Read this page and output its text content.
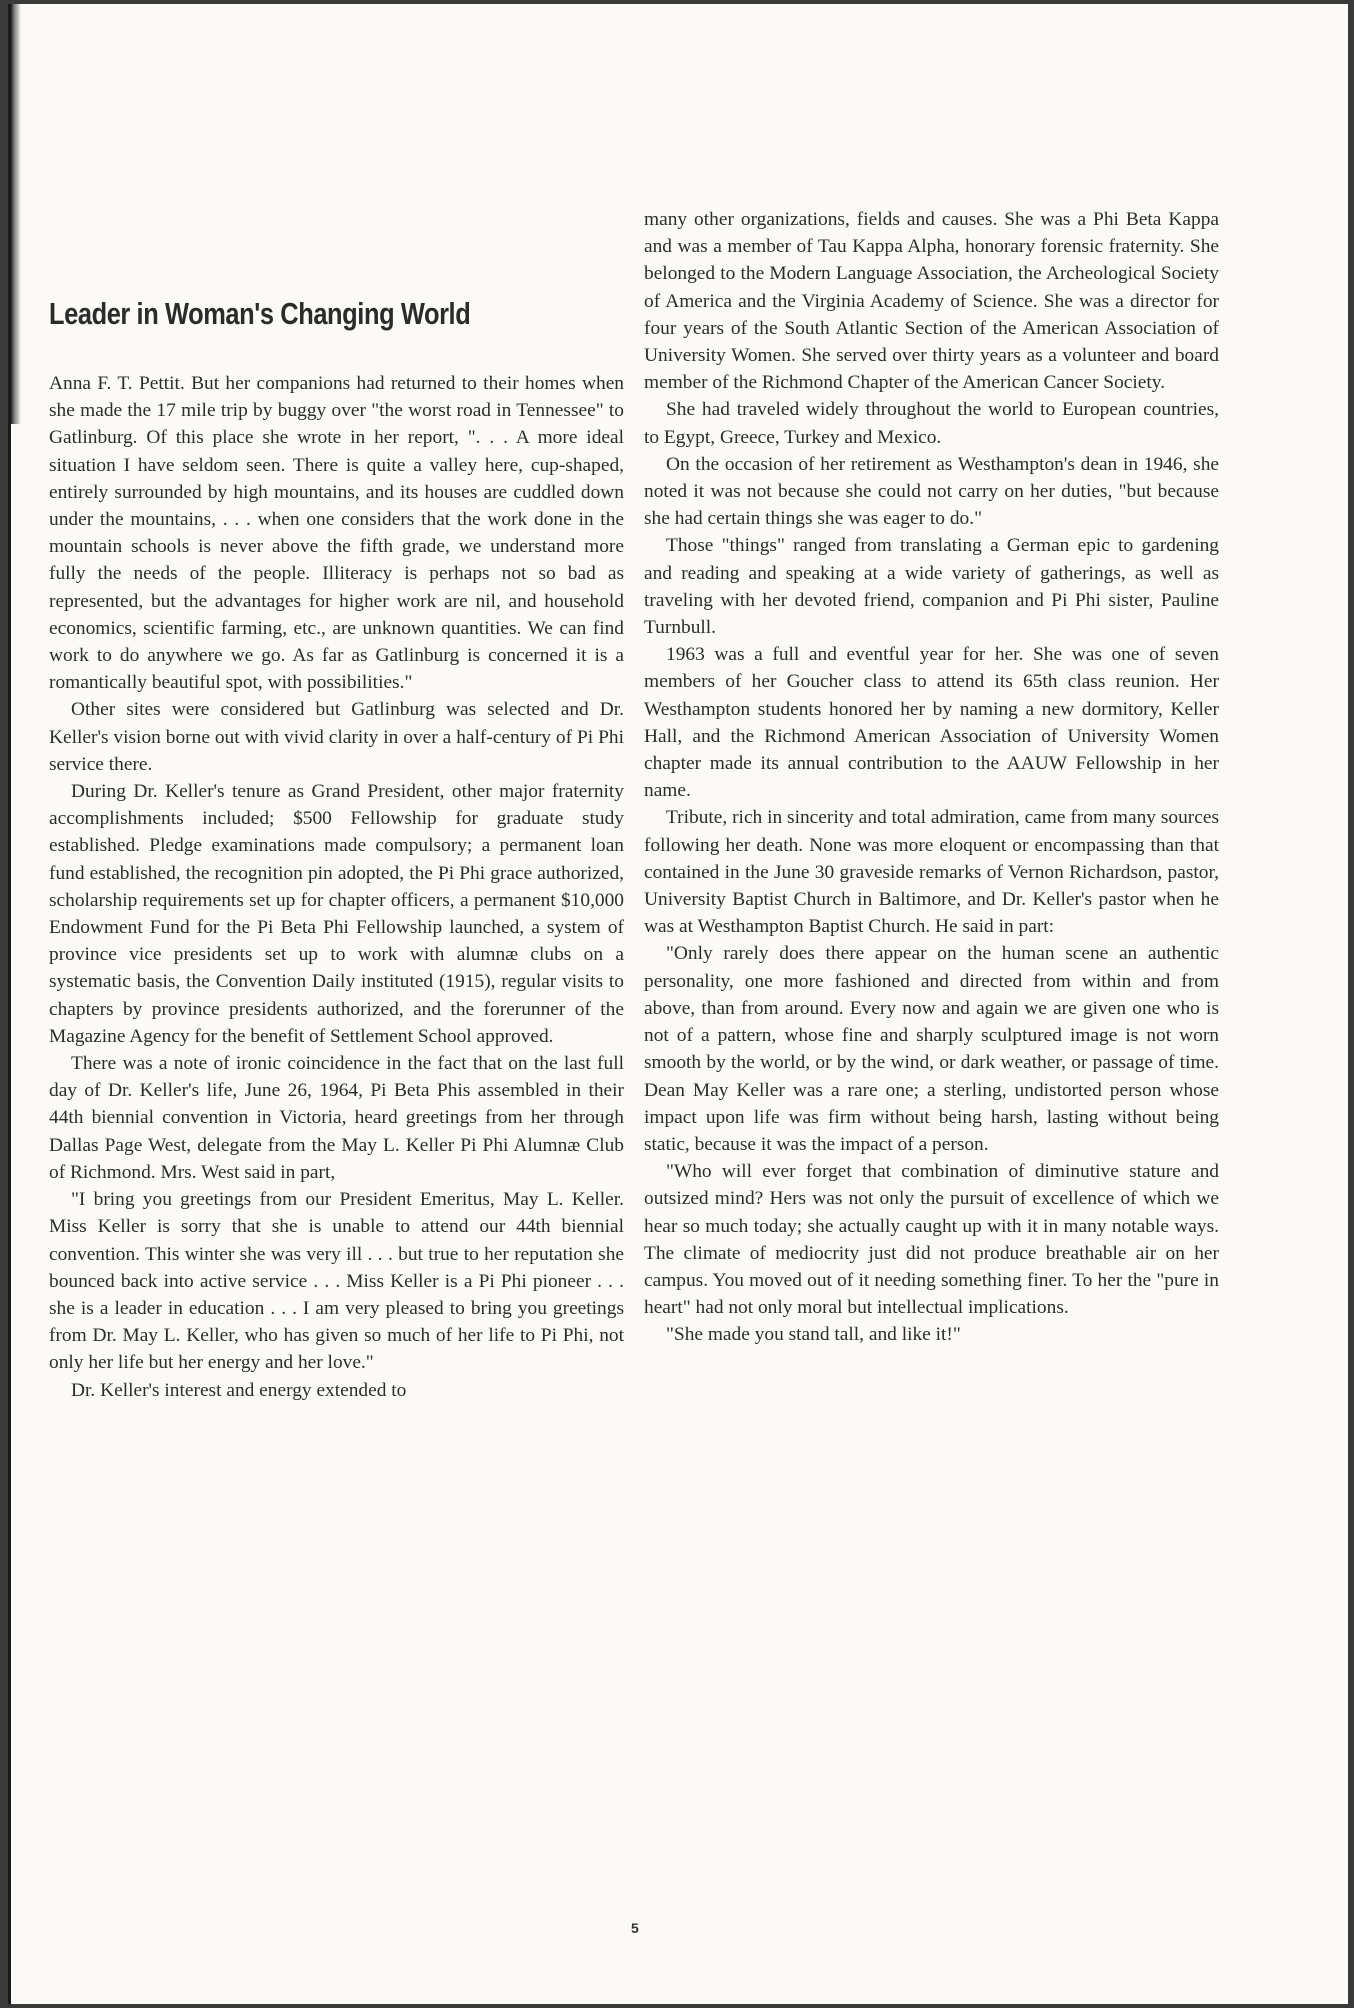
Leader in Woman's Changing World

Anna F. T. Pettit. But her companions had returned to their homes when she made the 17 mile trip by buggy over "the worst road in Tennessee" to Gatlinburg. Of this place she wrote in her report, ". . . A more ideal situation I have seldom seen. There is quite a valley here, cup-shaped, entirely surrounded by high mountains, and its houses are cuddled down under the mountains, . . . when one considers that the work done in the mountain schools is never above the fifth grade, we understand more fully the needs of the people. Illiteracy is perhaps not so bad as represented, but the advantages for higher work are nil, and household economics, scientific farming, etc., are unknown quantities. We can find work to do anywhere we go. As far as Gatlinburg is concerned it is a romantically beautiful spot, with possibilities."

Other sites were considered but Gatlinburg was selected and Dr. Keller's vision borne out with vivid clarity in over a half-century of Pi Phi service there.

During Dr. Keller's tenure as Grand President, other major fraternity accomplishments included; $500 Fellowship for graduate study established. Pledge examinations made compulsory; a permanent loan fund established, the recognition pin adopted, the Pi Phi grace authorized, scholarship requirements set up for chapter officers, a permanent $10,000 Endowment Fund for the Pi Beta Phi Fellowship launched, a system of province vice presidents set up to work with alumnæ clubs on a systematic basis, the Convention Daily instituted (1915), regular visits to chapters by province presidents authorized, and the forerunner of the Magazine Agency for the benefit of Settlement School approved.

There was a note of ironic coincidence in the fact that on the last full day of Dr. Keller's life, June 26, 1964, Pi Beta Phis assembled in their 44th biennial convention in Victoria, heard greetings from her through Dallas Page West, delegate from the May L. Keller Pi Phi Alumnæ Club of Richmond. Mrs. West said in part,

"I bring you greetings from our President Emeritus, May L. Keller. Miss Keller is sorry that she is unable to attend our 44th biennial convention. This winter she was very ill . . . but true to her reputation she bounced back into active service . . . Miss Keller is a Pi Phi pioneer . . . she is a leader in education . . . I am very pleased to bring you greetings from Dr. May L. Keller, who has given so much of her life to Pi Phi, not only her life but her energy and her love."

Dr. Keller's interest and energy extended to

many other organizations, fields and causes. She was a Phi Beta Kappa and was a member of Tau Kappa Alpha, honorary forensic fraternity. She belonged to the Modern Language Association, the Archeological Society of America and the Virginia Academy of Science. She was a director for four years of the South Atlantic Section of the American Association of University Women. She served over thirty years as a volunteer and board member of the Richmond Chapter of the American Cancer Society.

She had traveled widely throughout the world to European countries, to Egypt, Greece, Turkey and Mexico.

On the occasion of her retirement as Westhampton's dean in 1946, she noted it was not because she could not carry on her duties, "but because she had certain things she was eager to do."

Those "things" ranged from translating a German epic to gardening and reading and speaking at a wide variety of gatherings, as well as traveling with her devoted friend, companion and Pi Phi sister, Pauline Turnbull.

1963 was a full and eventful year for her. She was one of seven members of her Goucher class to attend its 65th class reunion. Her Westhampton students honored her by naming a new dormitory, Keller Hall, and the Richmond American Association of University Women chapter made its annual contribution to the AAUW Fellowship in her name.

Tribute, rich in sincerity and total admiration, came from many sources following her death. None was more eloquent or encompassing than that contained in the June 30 graveside remarks of Vernon Richardson, pastor, University Baptist Church in Baltimore, and Dr. Keller's pastor when he was at Westhampton Baptist Church. He said in part:

"Only rarely does there appear on the human scene an authentic personality, one more fashioned and directed from within and from above, than from around. Every now and again we are given one who is not of a pattern, whose fine and sharply sculptured image is not worn smooth by the world, or by the wind, or dark weather, or passage of time. Dean May Keller was a rare one; a sterling, undistorted person whose impact upon life was firm without being harsh, lasting without being static, because it was the impact of a person.

"Who will ever forget that combination of diminutive stature and outsized mind? Hers was not only the pursuit of excellence of which we hear so much today; she actually caught up with it in many notable ways. The climate of mediocrity just did not produce breathable air on her campus. You moved out of it needing something finer. To her the "pure in heart" had not only moral but intellectual implications.

"She made you stand tall, and like it!"

5
